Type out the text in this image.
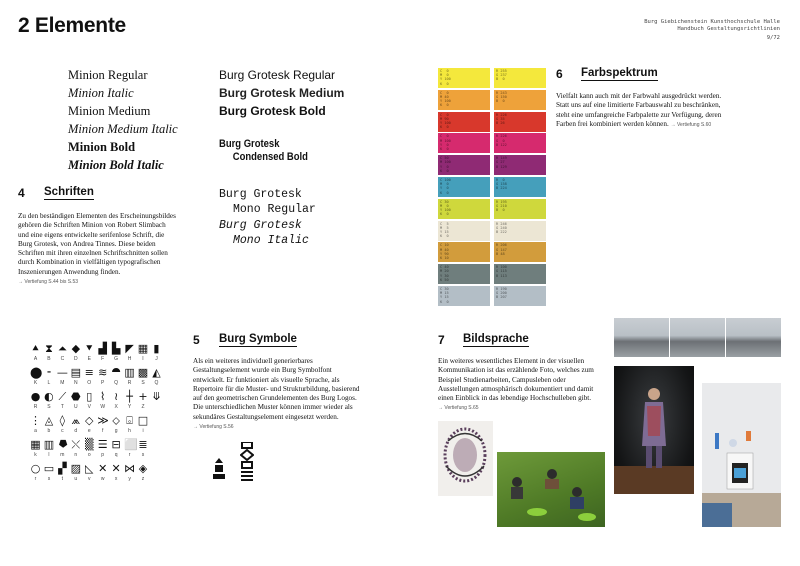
2 Elemente	Burg Giebichenstein Kunsthochschule Halle
Handbuch Gestaltungsrichtlinien
9/72
Minion Regular
Minion Italic
Minion Medium
Minion Medium Italic
Minion Bold
Minion Bold Italic
Burg Grotesk Regular
Burg Grotesk Medium
Burg Grotesk Bold
Burg Grotesk
Condensed Bold
Burg Grotesk
Mono Regular
Burg Grotesk
Mono Italic
4 Schriften
Zu den beständigen Elementen des Erscheinungsbildes gehören die Schriften Minion von Robert Slimbach und eine eigens entwickelte serifenlose Schrift, die Burg Grotesk, von Andrea Tinnes. Diese beiden Schriften mit ihren einzelnen Schriftschnitten sollen durch Kombination in vielfältigen typografischen Inszenierungen Anwendung finden. → Vertiefung S.44 bis S.53
C  0
M  0
Y 100
K  0
R 255
G 237
B  0
C  0
M 40
Y 100
K  0
R 243
G 150
B  0
C  0
M 90
Y 100
K  0
R 226
G 35
B 26
C  0
M 100
Y  0
K  0
R 226
G  0
B 122
C 50
M 100
Y  0
K  0
R 149
G 27
B 129
C 100
M  0
Y  0
K  0
R  0
G 158
B 224
C 30
M  0
Y 100
K  0
R 195
G 210
B  0
C  5
M  5
Y 15
K  0
R 246
G 240
B 222
C 10
M 40
Y 90
K 10
R 206
G 147
B 48
C 40
M 20
Y 30
K 50
R 100
G 115
B 113
C 30
M 15
Y 15
K  0
R 190
G 200
B 207
6 Farbspektrum
Vielfalt kann auch mit der Farbwahl ausgedrückt werden. Statt uns auf eine limitierte Farbauswahl zu beschränken, steht eine umfangreiche Farbpalette zur Verfügung, deren Farben frei kombiniert werden können. → Vertiefung S.60
⯅ ⧗ ⏶ ◆ ⯆ ▟ ▙ ◤ ▦ ▮
A	B	C	D	E	F	G	H	I	J
⬤ ⁃ — ▤ ≡ ≋ ⯊ ▥ ▩ ◭
K	L	M	N	O	P	Q	R	S	Q
● ◐ ⟋ ⬣ ▯ ⌇ ≀ ┼ + ⤋
R	S	T	U	V	W	X	Y	Z
⋮ ◬ ◊ ⩕ ◇ ≫ ⬦ ⌺ □
a	b	c	d	e	f	g	h	i
▦ ▥ ⯂ ⤬ ▒ ☰ ⊟ ⬜ ≣
k	l	m	n	o	p	q	r	s
○ ▭ ▞ ▨ ◺ ✕ ✕ ⋈ ◈
r	s	t	u	v	w	x	y	z
5 Burg Symbole
Als ein weiteres individuell generierbares Gestaltungselement wurde ein Burg Symbolfont entwickelt. Er funktioniert als visuelle Sprache, als Repertoire für die Muster- und Strukturbildung, basierend auf den geometrischen Grundelementen des Burg Logos. Die unterschiedlichen Muster können immer wieder als sekundäres Gestaltungselement eingesetzt werden. → Vertiefung S.56
7 Bildsprache
Ein weiteres wesentliches Element in der visuellen Kommunikation ist das erzählende Foto, welches zum Beispiel Studienarbeiten, Campusleben oder Ausstellungen atmosphärisch dokumentiert und damit einen Einblick in das lebendige Hochschulleben gibt. → Vertiefung S.65
